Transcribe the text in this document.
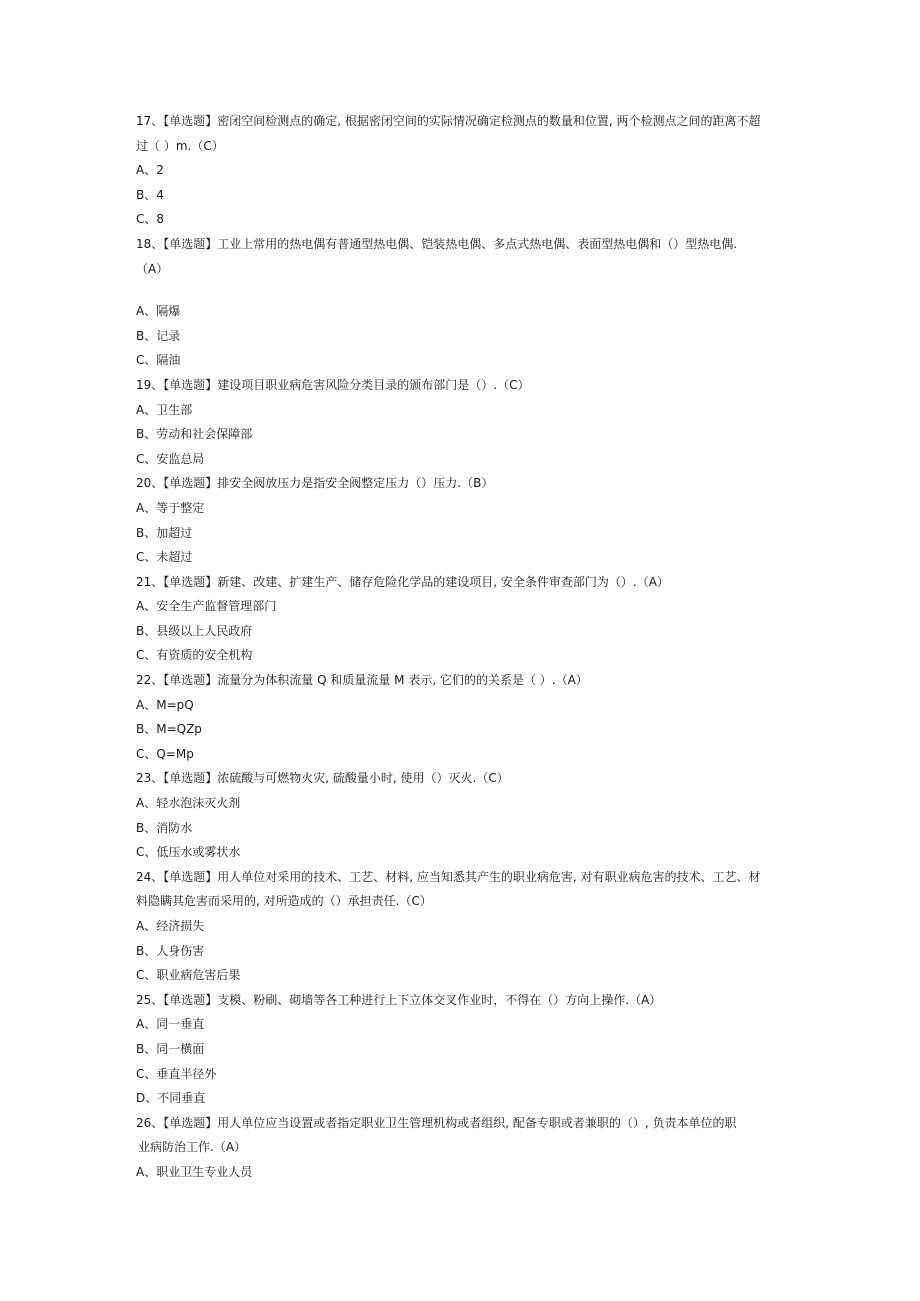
17、【单选题】密闭空间检测点的确定, 根据密闭空间的实际情况确定检测点的数量和位置, 两个检测点之间的距离不超
过（ ）m.（C）
A、2
B、4
C、8
18、【单选题】工业上常用的热电偶有普通型热电偶、铠装热电偶、多点式热电偶、表面型热电偶和（）型热电偶.
（A）
A、隔爆
B、记录
C、隔油
19、【单选题】建设项目职业病危害风险分类目录的颁布部门是（）.（C）
A、卫生部
B、劳动和社会保障部
C、安监总局
20、【单选题】排安全阀放压力是指安全阀整定压力（）压力.（B）
A、等于整定
B、加超过
C、未超过
21、【单选题】新建、改建、扩建生产、储存危险化学品的建设项目, 安全条件审查部门为（）.（A）
A、安全生产监督管理部门
B、县级以上人民政府
C、有资质的安全机构
22、【单选题】流量分为体积流量 Q 和质量流量 M 表示, 它们的的关系是（ ）.（A）
A、M=pQ
B、M=QZp
C、Q=Mp
23、【单选题】浓硫酸与可燃物火灾, 硫酸量小时, 使用（）灭火.（C）
A、轻水泡沫灭火剂
B、消防水
C、低压水或雾状水
24、【单选题】用人单位对采用的技术、工艺、材料, 应当知悉其产生的职业病危害, 对有职业病危害的技术、工艺、材
料隐瞒其危害而采用的, 对所造成的（）承担责任.（C）
A、经济损失
B、人身伤害
C、职业病危害后果
25、【单选题】支模、粉刷、砌墙等各工种进行上下立体交叉作业时，不得在（）方向上操作.（A）
A、同一垂直
B、同一横面
C、垂直半径外
D、不同垂直
26、【单选题】用人单位应当设置或者指定职业卫生管理机构或者组织, 配备专职或者兼职的（）, 负责本单位的职
业病防治工作.（A）
A、职业卫生专业人员
